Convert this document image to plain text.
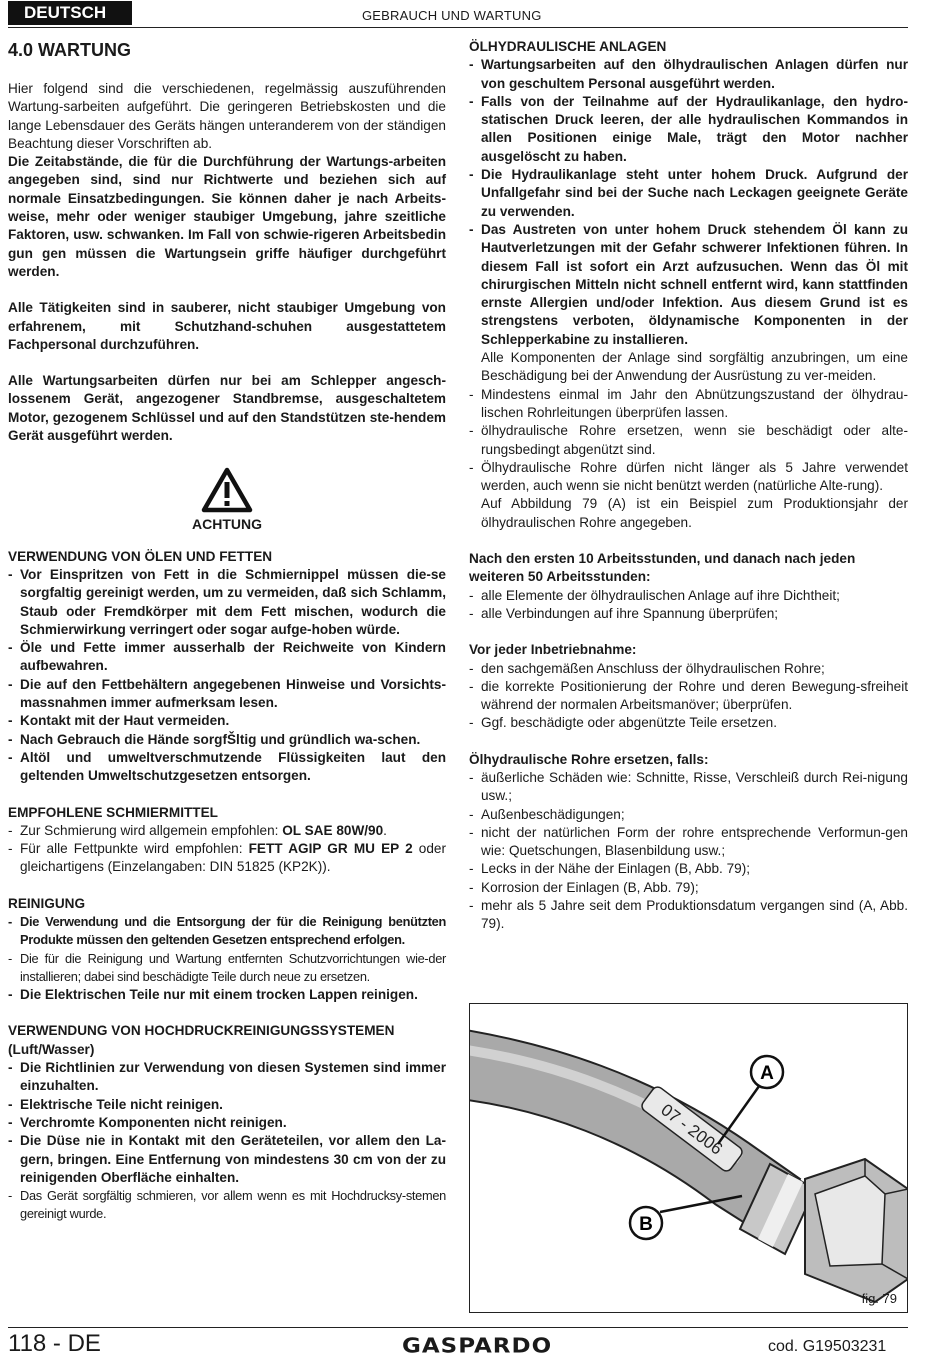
DEUTSCH	GEBRAUCH UND WARTUNG
4.0 WARTUNG

Hier folgend sind die verschiedenen, regelmässig auszuführenden Wartung-sarbeiten aufgeführt. Die geringeren Betriebskosten und die lange Lebensdauer des Geräts hängen unteranderem von der ständigen Beachtung dieser Vorschriften ab.

Die Zeitabstände, die für die Durchführung der Wartungs-arbeiten angegeben sind, sind nur Richtwerte und beziehen sich auf normale Einsatzbedingungen. Sie können daher je nach Arbeits-weise, mehr oder weniger staubiger Umgebung, jahre szeitliche Faktoren, usw. schwanken. Im Fall von schwie-rigeren Arbeitsbedin gun gen müssen die Wartungsein griffe häufiger durchgeführt werden.

Alle Tätigkeiten sind in sauberer, nicht staubiger Umgebung von erfahrenem, mit Schutzhand-schuhen ausgestattetem Fachpersonal durchzuführen.

Alle Wartungsarbeiten dürfen nur bei am Schlepper angesch-lossenem Gerät, angezogener Standbremse, ausgeschaltetem Motor, gezogenem Schlüssel und auf den Standstützen ste-hendem Gerät ausgeführt werden.

ACHTUNG
VERWENDUNG VON ÖLEN UND FETTEN
- Vor Einspritzen von Fett in die Schmiernippel müssen die-se sorgfaltig gereinigt werden, um zu vermeiden, daß sich Schlamm, Staub oder Fremdkörper mit dem Fett mischen, wodurch die Schmierwirkung verringert oder sogar aufge-hoben würde.
- Öle und Fette immer ausserhalb der Reichweite von Kindern aufbewahren.
- Die auf den Fettbehältern angegebenen Hinweise und Vorsichts-massnahmen immer aufmerksam lesen.
- Kontakt mit der Haut vermeiden.
- Nach Gebrauch die Hände sorgfŠltig und gründlich wa-schen.
- Altöl und umweltverschmutzende Flüssigkeiten laut den geltenden Umweltschutzgesetzen entsorgen.
EMPFOHLENE SCHMIERMITTEL
- Zur Schmierung wird allgemein empfohlen: OL SAE 80W/90.
- Für alle Fettpunkte wird empfohlen: FETT AGIP GR MU EP 2 oder gleichartigens (Einzelangaben: DIN 51825 (KP2K)).
REINIGUNG
- Die Verwendung und die Entsorgung der für die Reinigung benützten Produkte müssen den geltenden Gesetzen entsprechend erfolgen.
- Die für die Reinigung und Wartung entfernten Schutzvorrichtungen wie-der installieren; dabei sind beschädigte Teile durch neue zu ersetzen.
- Die Elektrischen Teile nur mit einem trocken Lappen reinigen.
VERWENDUNG VON HOCHDRUCKREINIGUNGSSYSTEMEN (Luft/Wasser)
- Die Richtlinien zur Verwendung von diesen Systemen sind immer einzuhalten.
- Elektrische Teile nicht reinigen.
- Verchromte Komponenten nicht reinigen.
- Die Düse nie in Kontakt mit den Geräteteilen, vor allem den La-gern, bringen. Eine Entfernung von mindestens 30 cm von der zu reinigenden Oberfläche einhalten.
- Das Gerät sorgfältig schmieren, vor allem wenn es mit Hochdrucksy-stemen gereinigt wurde.
ÖLHYDRAULISCHE ANLAGEN
- Wartungsarbeiten auf den ölhydraulischen Anlagen dürfen nur von geschultem Personal ausgeführt werden.
- Falls von der Teilnahme auf der Hydraulikanlage, den hydro-statischen Druck leeren, der alle hydraulischen Kommandos in allen Positionen einige Male, trägt den Motor nachher ausgelöscht zu haben.
- Die Hydraulikanlage steht unter hohem Druck. Aufgrund der Unfallgefahr sind bei der Suche nach Leckagen geeignete Geräte zu verwenden.
- Das Austreten von unter hohem Druck stehendem Öl kann zu Hautverletzungen mit der Gefahr schwerer Infektionen führen. In diesem Fall ist sofort ein Arzt aufzusuchen. Wenn das Öl mit chirurgischen Mitteln nicht schnell entfernt wird, kann stattfinden ernste Allergien und/oder Infektion. Aus diesem Grund ist es strengstens verboten, öldynamische Komponenten in der Schlepperkabine zu installieren.

Alle Komponenten der Anlage sind sorgfältig anzubringen, um eine Beschädigung bei der Anwendung der Ausrüstung zu ver-meiden.

- Mindestens einmal im Jahr den Abnützungszustand der ölhydrau-lischen Rohrleitungen überprüfen lassen.
- ölhydraulische Rohre ersetzen, wenn sie beschädigt oder alte-rungsbedingt abgenützt sind.
- Ölhydraulische Rohre dürfen nicht länger als 5 Jahre verwendet werden, auch wenn sie nicht benützt werden (natürliche Alte-rung).

Auf Abbildung 79 (A) ist ein Beispiel zum Produktionsjahr der ölhydraulischen Rohre angegeben.

Nach den ersten 10 Arbeitsstunden, und danach nach jeden weiteren 50 Arbeitsstunden:
- alle Elemente der ölhydraulischen Anlage auf ihre Dichtheit;
- alle Verbindungen auf ihre Spannung überprüfen;
Vor jeder Inbetriebnahme:
- den sachgemäßen Anschluss der ölhydraulischen Rohre;
- die korrekte Positionierung der Rohre und deren Bewegung-sfreiheit während der normalen Arbeitsmanöver; überprüfen.
- Ggf. beschädigte oder abgenützte Teile ersetzen.
Ölhydraulische Rohre ersetzen, falls:
- äußerliche Schäden wie: Schnitte, Risse, Verschleiß durch Rei-nigung usw.;
- Außenbeschädigungen;
- nicht der natürlichen Form der rohre entsprechende Verformun-gen wie: Quetschungen, Blasenbildung usw.;
- Lecks in der Nähe der Einlagen (B, Abb. 79);
- Korrosion der Einlagen (B, Abb. 79);
- mehr als 5 Jahre seit dem Produktionsdatum vergangen sind (A, Abb. 79).
07 - 2006
A
B
fig. 79
118 - DE	GASPARDO	cod. G19503231
